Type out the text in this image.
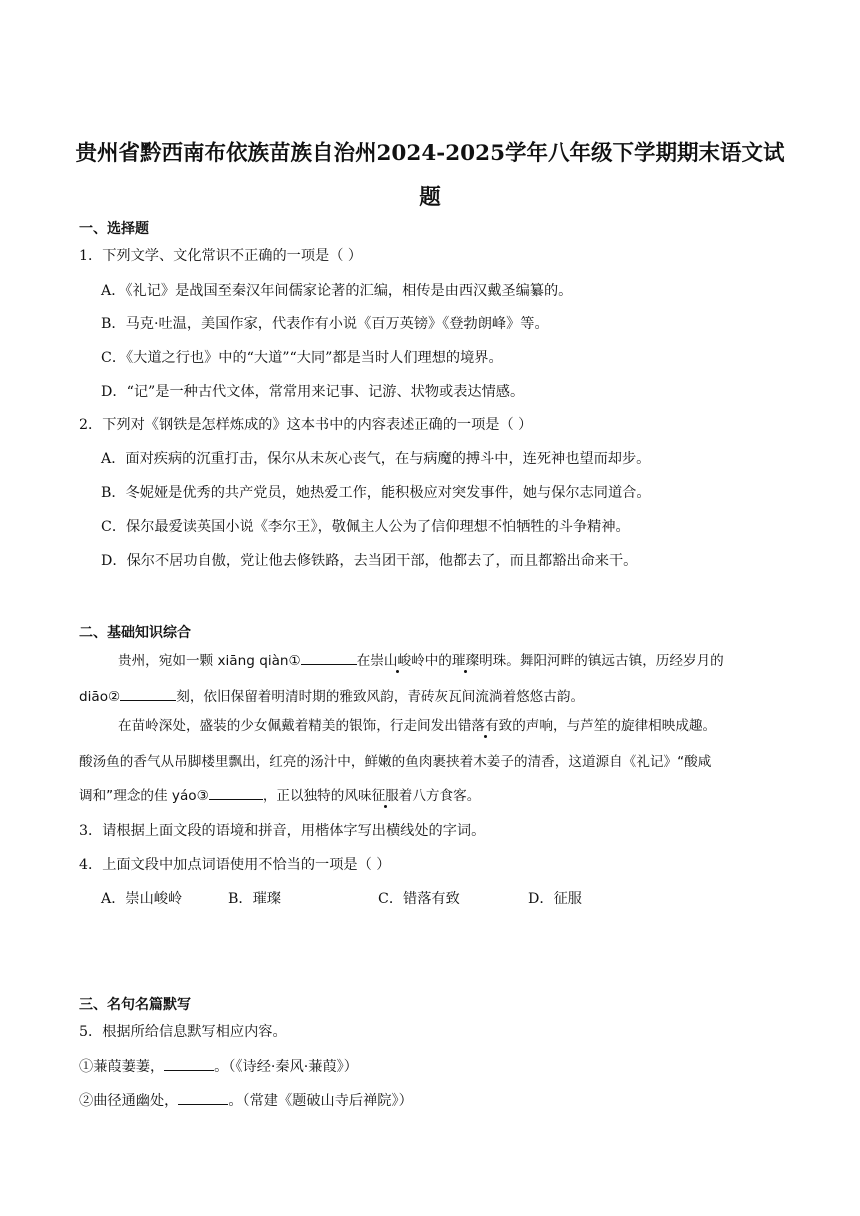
贵州省黔西南布依族苗族自治州2024-2025学年八年级下学期期末语文试
题
一、选择题
1．下列文学、文化常识不正确的一项是（ ）
A．《礼记》是战国至秦汉年间儒家论著的汇编，相传是由西汉戴圣编纂的。
B．马克·吐温，美国作家，代表作有小说《百万英镑》《登勃朗峰》等。
C．《大道之行也》中的“大道”“大同”都是当时人们理想的境界。
D．“记”是一种古代文体，常常用来记事、记游、状物或表达情感。
2．下列对《钢铁是怎样炼成的》这本书中的内容表述正确的一项是（ ）
A．面对疾病的沉重打击，保尔从未灰心丧气，在与病魔的搏斗中，连死神也望而却步。
B．冬妮娅是优秀的共产党员，她热爱工作，能积极应对突发事件，她与保尔志同道合。
C．保尔最爱读英国小说《李尔王》，敬佩主人公为了信仰理想不怕牺牲的斗争精神。
D．保尔不居功自傲，党让他去修铁路，去当团干部，他都去了，而且都豁出命来干。
二、基础知识综合
贵州，宛如一颗 xiāng qiàn①	在崇山峻岭中的璀璨明珠。舞阳河畔的镇远古镇，历经岁月的
diāo②	刻，依旧保留着明清时期的雅致风韵，青砖灰瓦间流淌着悠悠古韵。
在苗岭深处，盛装的少女佩戴着精美的银饰，行走间发出错落有致的声响，与芦笙的旋律相映成趣。
酸汤鱼的香气从吊脚楼里飘出，红亮的汤汁中，鲜嫩的鱼肉裹挟着木姜子的清香，这道源自《礼记》“酸咸
调和”理念的佳 yáo③	，正以独特的风味征服着八方食客。
3．请根据上面文段的语境和拼音，用楷体字写出横线处的字词。
4．上面文段中加点词语使用不恰当的一项是（ ）
A．崇山峻岭	B．璀璨	C．错落有致	D．征服
三、名句名篇默写
5．根据所给信息默写相应内容。
①蒹葭萋萋，	。（《诗经·秦风·蒹葭》）
②曲径通幽处，	。（常建《题破山寺后禅院》）
